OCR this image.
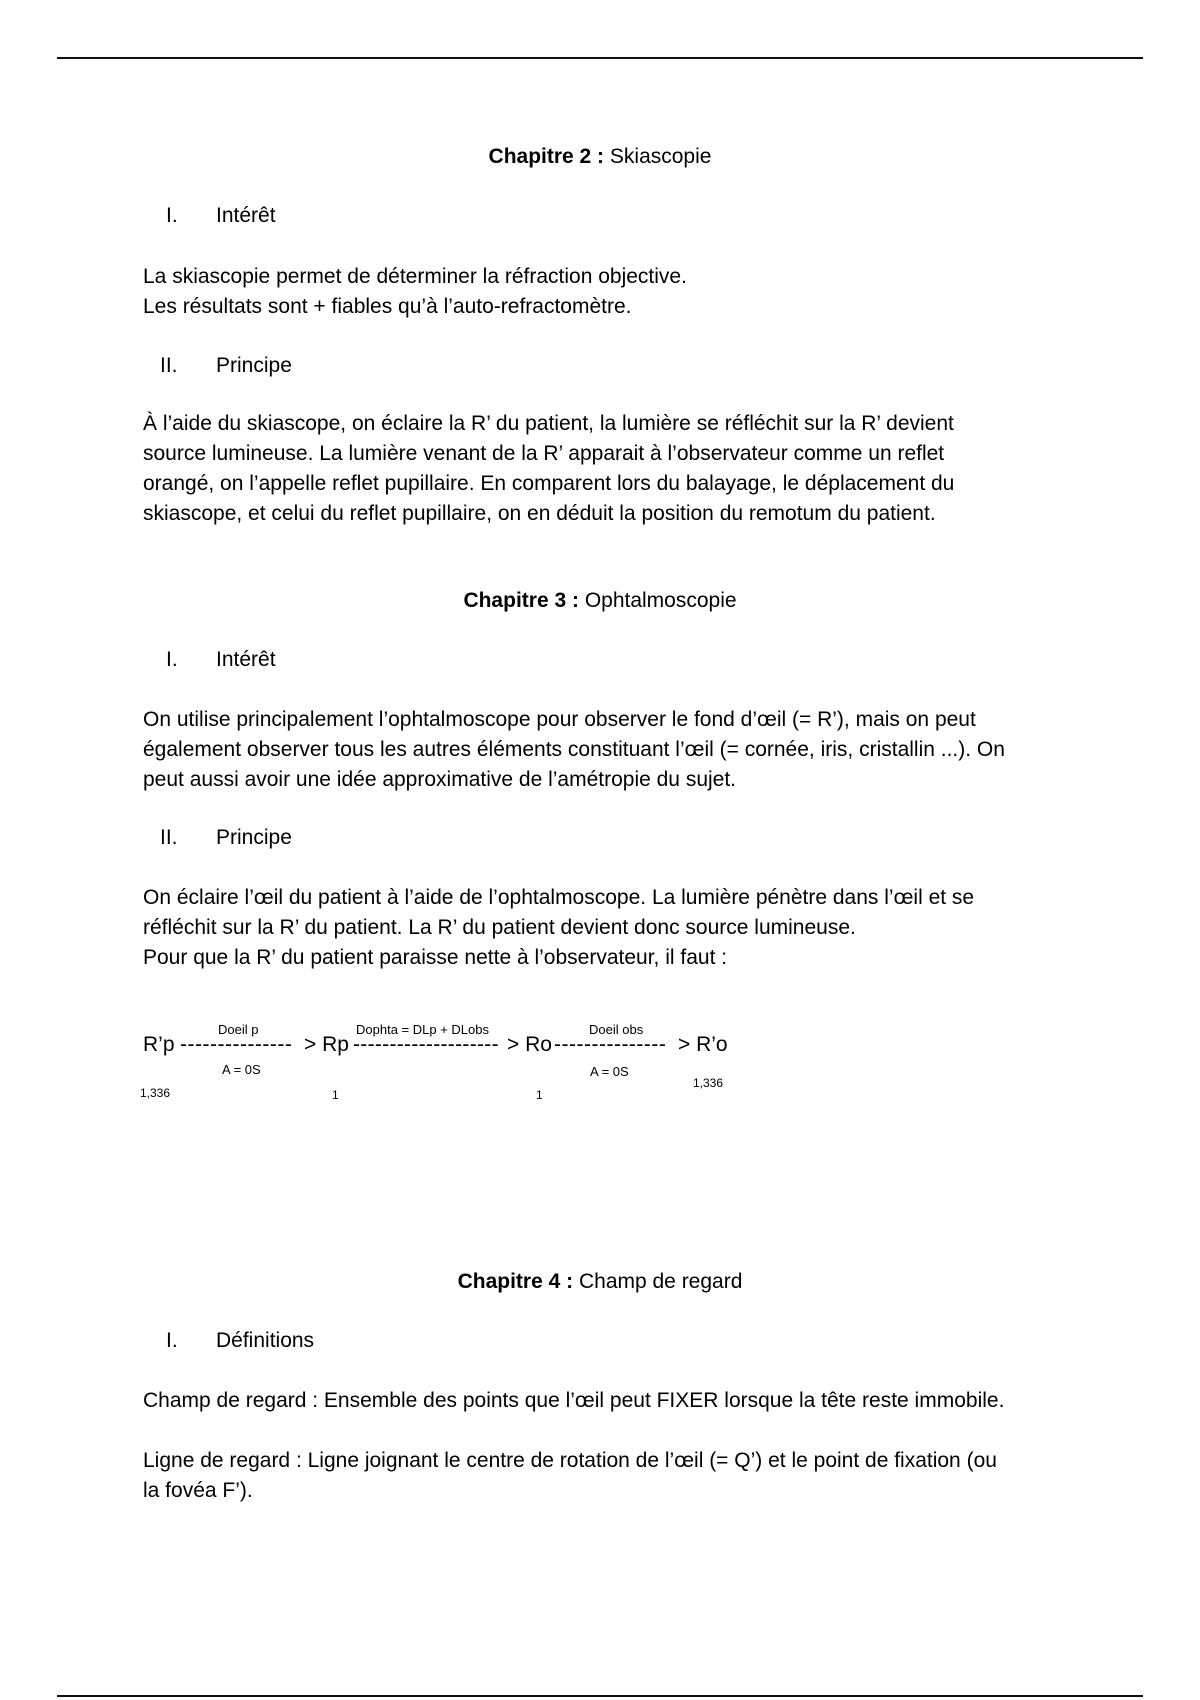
Chapitre 2 : Skiascopie
I. Intérêt
La skiascopie permet de déterminer la réfraction objective.
Les résultats sont + fiables qu’à l’auto-refractomètre.
II. Principe
À l’aide du skiascope, on éclaire la R’ du patient, la lumière se réfléchit sur la R’ devient
source lumineuse. La lumière venant de la R’ apparait à l’observateur comme un reflet
orangé, on l’appelle reflet pupillaire. En comparent lors du balayage, le déplacement du
skiascope, et celui du reflet pupillaire, on en déduit la position du remotum du patient.
Chapitre 3 : Ophtalmoscopie
I. Intérêt
On utilise principalement l’ophtalmoscope pour observer le fond d’œil (= R’), mais on peut
également observer tous les autres éléments constituant l’œil (= cornée, iris, cristallin ...). On
peut aussi avoir une idée approximative de l’amétropie du sujet.
II. Principe
On éclaire l’œil du patient à l’aide de l’ophtalmoscope. La lumière pénètre dans l’œil et se
réfléchit sur la R’ du patient. La R’ du patient devient donc source lumineuse.
Pour que la R’ du patient paraisse nette à l’observateur, il faut :
Doeil p	Dophta = DLp + DLobs	Doeil obs
R’p --------------- > Rp -------------------- > Ro --------------- > R’o
A = 0S	A = 0S
1,336	1	1
1,336
Chapitre 4 : Champ de regard
I. Définitions
Champ de regard : Ensemble des points que l’œil peut FIXER lorsque la tête reste immobile.
Ligne de regard : Ligne joignant le centre de rotation de l’œil (= Q’) et le point de fixation (ou
la fovéa F’).
